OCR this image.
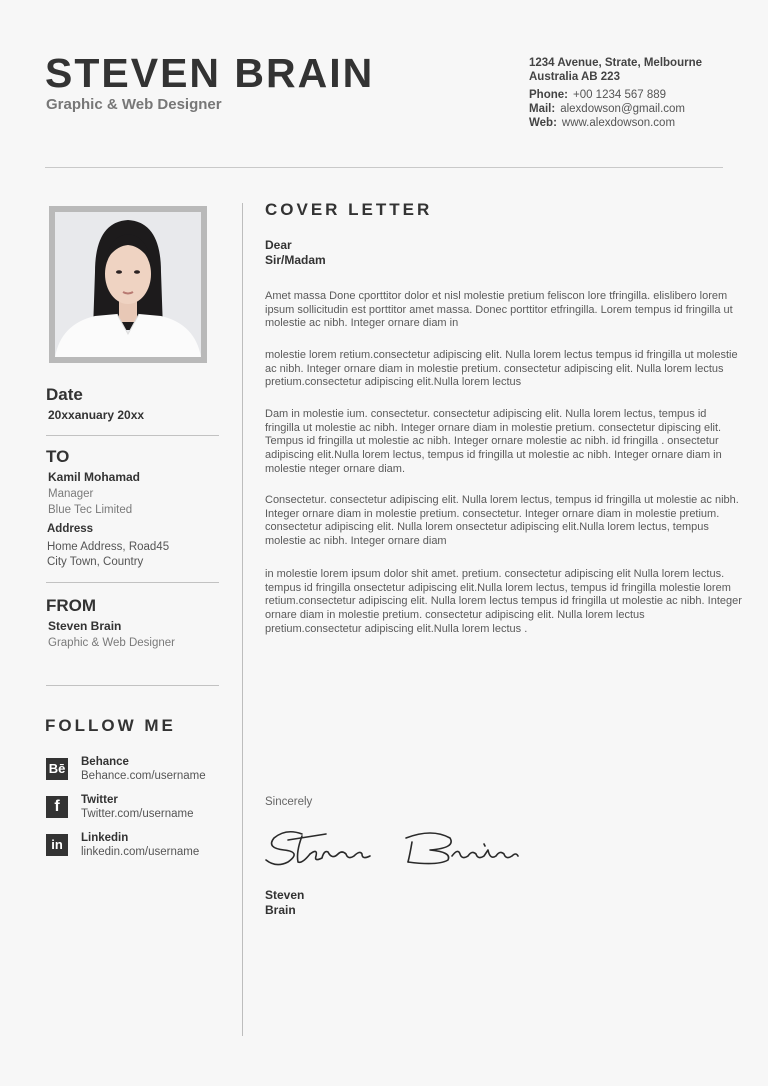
STEVEN BRAIN
Graphic & Web Designer
1234 Avenue, Strate, Melbourne
Australia AB 223
Phone: +00 1234 567 889
Mail: alexdowson@gmail.com
Web: www.alexdowson.com
Date
20xxanuary 20xx
TO
Kamil Mohamad
Manager
Blue Tec Limited
Address
Home Address, Road45
City Town, Country
FROM
Steven Brain
Graphic & Web Designer
FOLLOW ME
Bē Behance
Behance.com/username
f	Twitter
Twitter.com/username
in	Linkedin
linkedin.com/username
COVER LETTER
Dear
Sir/Madam
Amet massa Done cporttitor dolor et nisl molestie pretium feliscon lore tfringilla. elislibero lorem ipsum sollicitudin est porttitor amet massa. Donec porttitor etfringilla. Lorem tempus id fringilla ut molestie ac nibh. Integer ornare diam in
molestie lorem retium.consectetur adipiscing elit. Nulla lorem lectus tempus id fringilla ut molestie ac nibh. Integer ornare diam in molestie pretium. consectetur adipiscing elit. Nulla lorem lectus pretium.consectetur adipiscing elit.Nulla lorem lectus
Dam in molestie ium. consectetur. consectetur adipiscing elit. Nulla lorem lectus, tempus id fringilla ut molestie ac nibh. Integer ornare diam in molestie pretium. consectetur dipiscing elit. Tempus id fringilla ut molestie ac nibh. Integer ornare molestie ac nibh. id fringilla . onsectetur adipiscing elit.Nulla lorem lectus, tempus id fringilla ut molestie ac nibh. Integer ornare diam in molestie nteger ornare diam.
Consectetur. consectetur adipiscing elit. Nulla lorem lectus, tempus id fringilla ut molestie ac nibh. Integer ornare diam in molestie pretium. consectetur. Integer ornare diam in molestie pretium. consectetur adipiscing elit. Nulla lorem onsectetur adipiscing elit.Nulla lorem lectus, tempus molestie ac nibh. Integer ornare diam
in molestie lorem ipsum dolor shit amet. pretium. consectetur adipiscing elit Nulla lorem lectus. tempus id fringilla onsectetur adipiscing elit.Nulla lorem lectus, tempus id fringilla molestie lorem retium.consectetur adipiscing elit. Nulla lorem lectus tempus id fringilla ut molestie ac nibh. Integer ornare diam in molestie pretium. consectetur adipiscing elit. Nulla lorem lectus pretium.consectetur adipiscing elit.Nulla lorem lectus .
Sincerely
Steven
Brain
